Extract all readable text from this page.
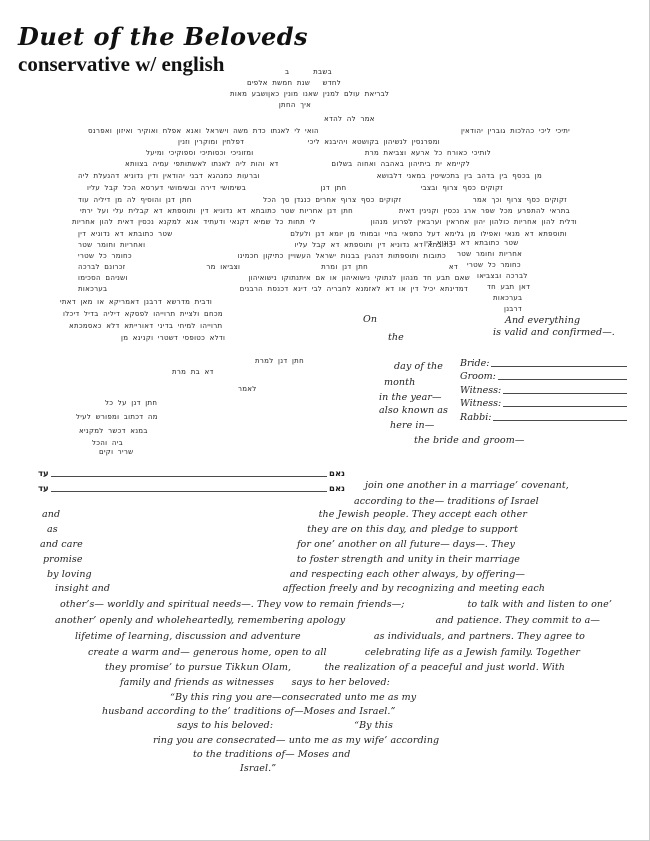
Duet of the Beloveds
conservative w/ english	ב	בשבת
שנת חמשת אלפים לחדש
ושבע מאות לבריאת עולם למנין שאנו מונין כאן
איך החתן
אמר לה להדא
הואי לי לאנתו כדת משה וישראל ואנא אפלח ואוקיר ואיזון ואפרנס	יתיכי ליכי כהלכות גוברין יהודאין
דפלחין ומוקרין וזנין	ומפרנסין לנשיהון בקושטא ויהיבנא ליכי
ומזוניכי וכסותיכי וספוקיכי ומיעל	לותיכי כאורח כל ארעא וצביאת מרת
דא והות ליה לאנתו לאשתותפי עמיה בצוותא	לקיימא ית ביתיהון באהבה ואחוה בשלום
וברעות כמנהגא דבני יהודאין ודין נדוניא דהנעלת ליה	מן בכסף בין בדהב בין בתכשיטין במאני דלבושא
בשימושי דירה ובשימושי דערסא הכל קבל עליו	חתן דנן	זקוקים כסף צרוף ובצבי
חתן דנן והוסיף לה מן דיליה עוד	זקוקים כסף צרוף אחרים כנגדן סך הכל	זקוקים כסף צרוף וכך אמר
חתן דנן אחריות שטר כתובתא דא נדוניא דין ותוספתא דא קבלית עלי ועל ירתי	בתראי להתפרע מכל שפר ארג נכסין וקנינין דאית
לי תחות כל שמיא דקנאי ודעתיד אנא למקנא נכסין דאית להון אחריות	ודלית להון אחריות כולהון יהון אחראין וערבאין לפרוע מנהון
שטר כתובתא דא נדוניא דין	ותוספתא דא מנאי ואפילו מן גלימא דעל כתפאי בחיי ובמותי מן יומא דנן ולעלם
ואחריות וחומר שטר	כתובתא דא נדוניא דין ותוספתא דא קבל עליו
כחומר כל שטרי	כתובות ותוספתות דנהגין בבנות ישראל העשויין כתיקון חכמינו
זכרונם לברכה	וצביאו מר	חתן דנן ומרת	דא
ושניהם הסכימו	שאם תבע חד מנהון לנתוקי נישואיהון או אם איתנתוקו נישואיהון
בערכאות	דמדינתא יכיל דין או דא לאזמנא לחבריה לבי דינא דכנסת הרבנים
שטר כתובתא דא נדוניא דין
אחריות וחומר שטר
כחומר כל שטרי
לברכה ובצביאו
דאן תבע חד
בערכאות
דרבנן
ודבית מדרשא דרבנן דאמריקא או מאן דאתי
מכחם ולציית תרוייהו לפסקא דיליה בדיל דיכלו
תרוייהו למיחי בדיני דאורייתא דלא כאסמכתא
ודלא כטופסי דשטרי וקנינא מן
חתן דנן למרת
דא בת מרת
לאמר
חתן דנן על כל
מה דכתוב ומפורש לעיל
במנא דכשר למקניא
ביה והכל
שריר וקים
On
the
And everything
is valid and confirmed—.
day of the
month
in the year—
also known as
here in—
the bride and groom—
join one another in a marriage’ covenant,
according to the— traditions of Israel
and	the Jewish people. They accept each other
as	they are on this day, and pledge to support
and care	for one’ another on all future— days—. They
promise	to foster strength and unity in their marriage
by loving	and respecting each other always, by offering—
insight and	affection freely and by recognizing and meeting each
other’s— worldly and spiritual needs—. They vow to remain friends—;	to talk with and listen to one’
another’ openly and wholeheartedly, remembering apology	and patience. They commit to a—
lifetime of learning, discussion and adventure	as individuals, and partners. They agree to
create a warm and— generous home, open to all	celebrating life as a Jewish family. Together
they promise’ to pursue Tikkun Olam,	the realization of a peaceful and just world. With
family and friends as witnesses says to her beloved:
“By this ring you are— consecrated unto me as my
husband according to the’ traditions of— Moses and Israel.”
says to his beloved:	“By this
ring you are consecrated— unto me as my wife’ according
to the traditions of— Moses and
Israel.”
Bride:
Groom:
Witness:
Witness:
Rabbi:
עד	נאם
עד	נאם
